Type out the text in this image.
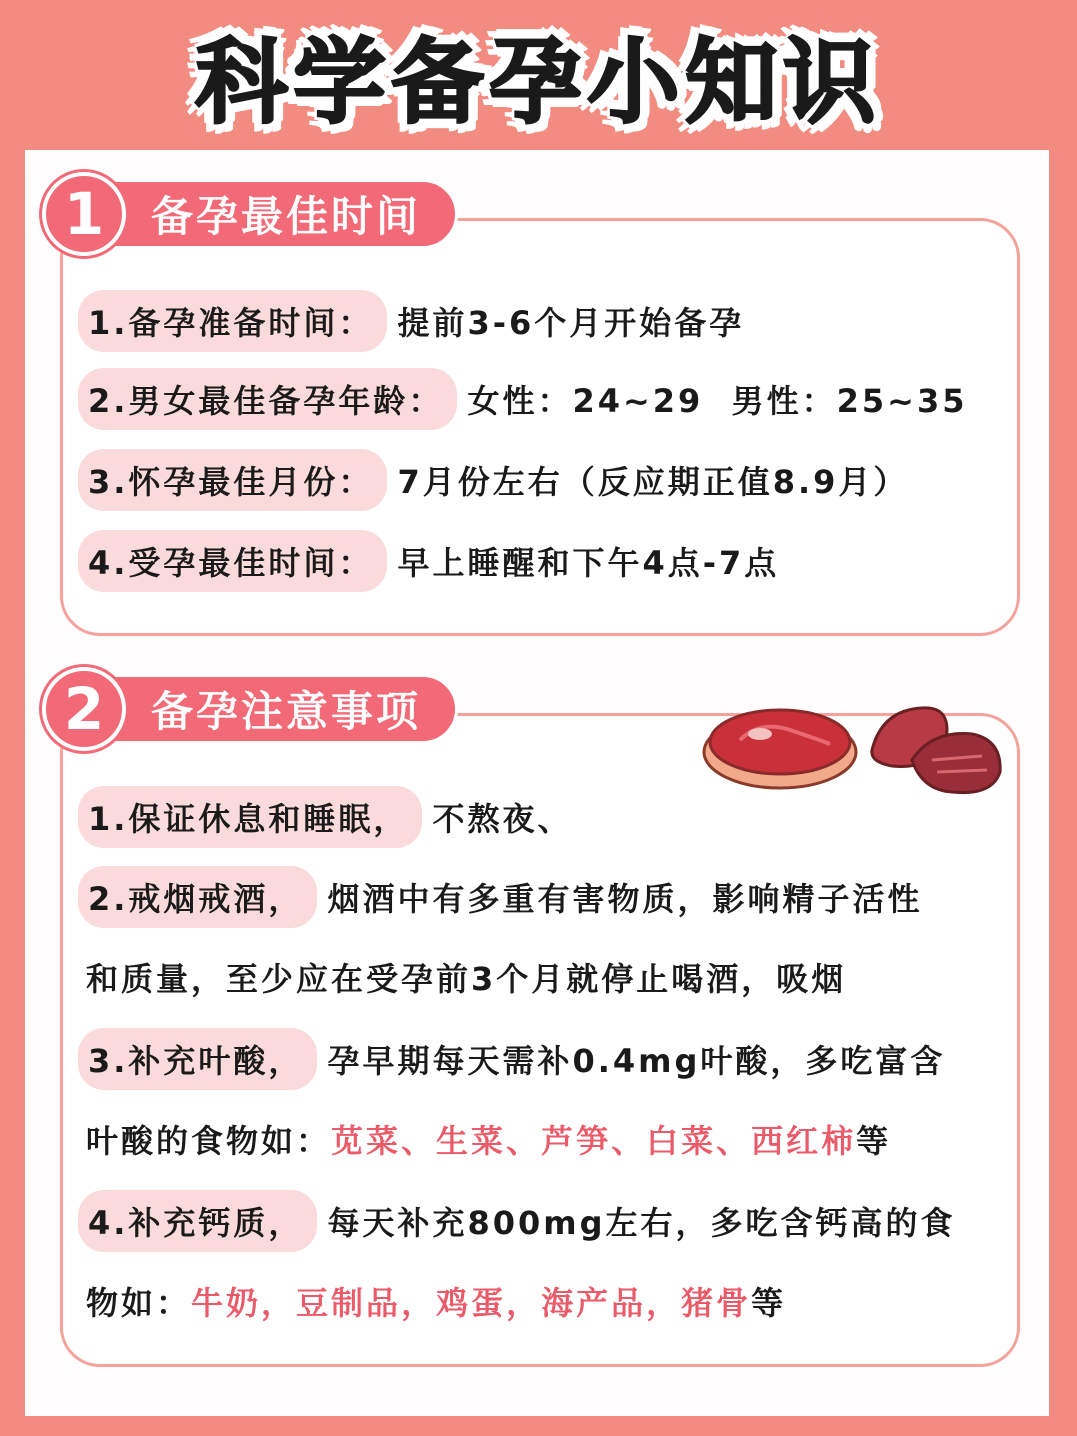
科学备孕小知识
1	备孕最佳时间
1.备孕准备时间： 提前3-6个月开始备孕
2.男女最佳备孕年龄： 女性：24~29  男性：25~35
3.怀孕最佳月份： 7月份左右（反应期正值8.9月）
4.受孕最佳时间： 早上睡醒和下午4点-7点
2	备孕注意事项
1.保证休息和睡眠， 不熬夜、
2.戒烟戒酒， 烟酒中有多重有害物质，影响精子活性
和质量，至少应在受孕前3个月就停止喝酒，吸烟
3.补充叶酸， 孕早期每天需补0.4mg叶酸，多吃富含
叶酸的食物如：苋菜、生菜、芦笋、白菜、西红柿等
4.补充钙质， 每天补充800mg左右，多吃含钙高的食
物如：牛奶，豆制品，鸡蛋，海产品，猪骨等
